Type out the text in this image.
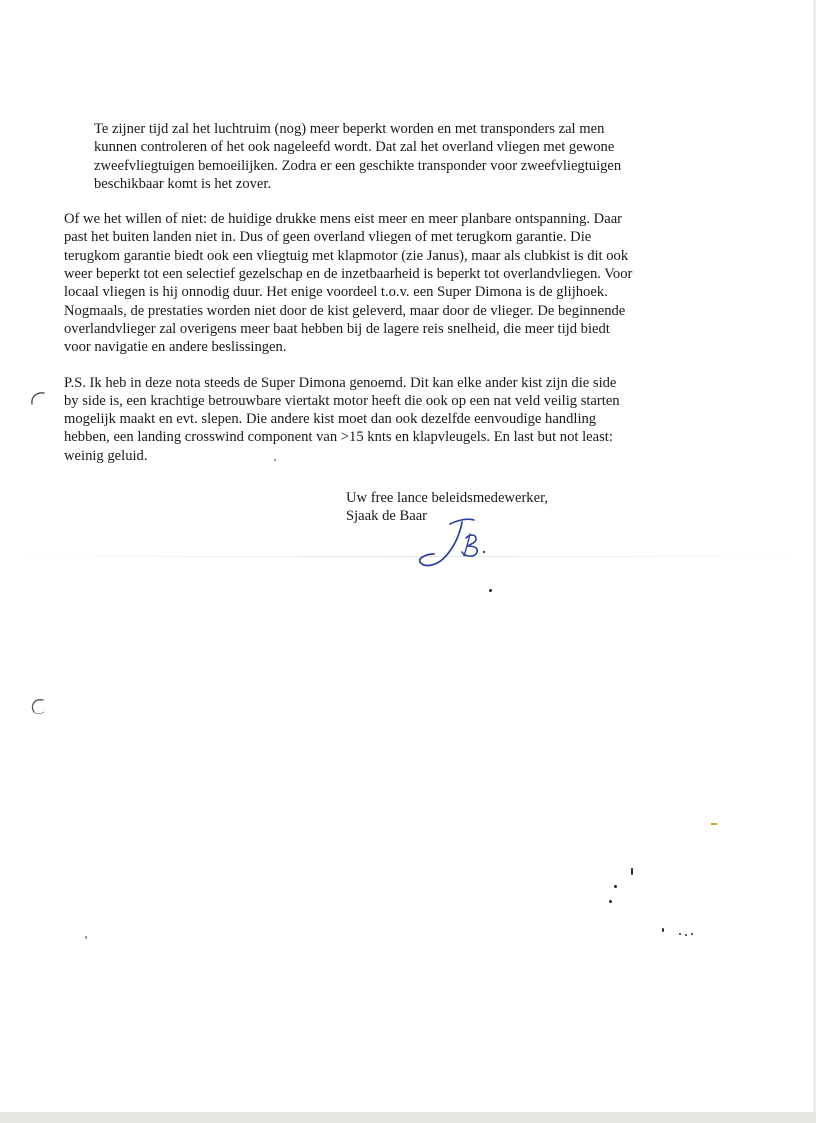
Te zijner tijd zal het luchtruim (nog) meer beperkt worden en met transponders zal men
kunnen controleren of het ook nageleefd wordt. Dat zal het overland vliegen met gewone
zweefvliegtuigen bemoeilijken. Zodra er een geschikte transponder voor zweefvliegtuigen
beschikbaar komt is het zover.

Of we het willen of niet: de huidige drukke mens eist meer en meer planbare ontspanning. Daar
past het buiten landen niet in. Dus of geen overland vliegen of met terugkom garantie. Die
terugkom garantie biedt ook een vliegtuig met klapmotor (zie Janus), maar als clubkist is dit ook
weer beperkt tot een selectief gezelschap en de inzetbaarheid is beperkt tot overlandvliegen. Voor
locaal vliegen is hij onnodig duur. Het enige voordeel t.o.v. een Super Dimona is de glijhoek.
Nogmaals, de prestaties worden niet door de kist geleverd, maar door de vlieger. De beginnende
overlandvlieger zal overigens meer baat hebben bij de lagere reis snelheid, die meer tijd biedt
voor navigatie en andere beslissingen.

P.S. Ik heb in deze nota steeds de Super Dimona genoemd. Dit kan elke ander kist zijn die side
by side is, een krachtige betrouwbare viertakt motor heeft die ook op een nat veld veilig starten
mogelijk maakt en evt. slepen. Die andere kist moet dan ook dezelfde eenvoudige handling
hebben, een landing crosswind component van >15 knts en klapvleugels. En last but not least:
weinig geluid.

Uw free lance beleidsmedewerker,
Sjaak de Baar
